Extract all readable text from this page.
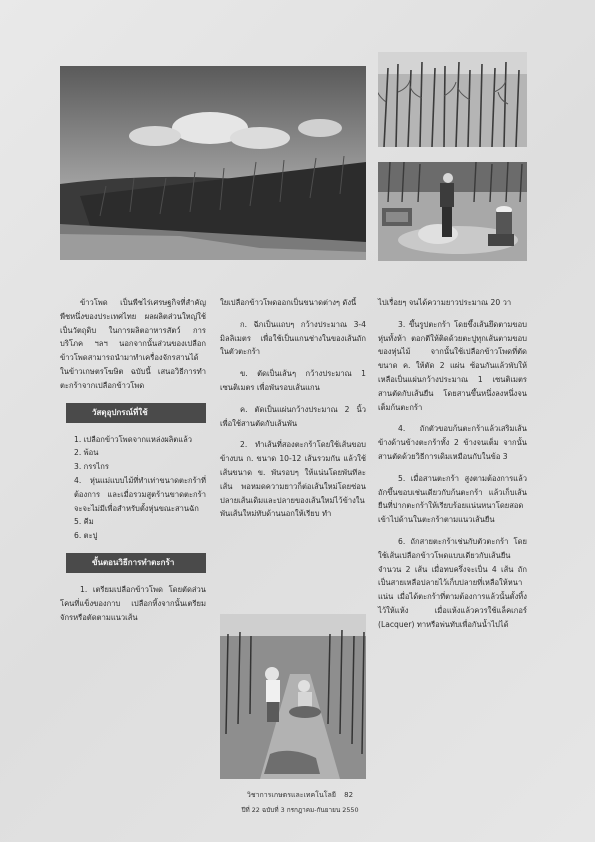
ข้าวโพด เป็นพืชไร่เศรษฐกิจที่สำคัญพืชหนึ่งของประเทศไทย ผลผลิตส่วนใหญ่ใช้เป็นวัตถุดิบ ในการผลิตอาหารสัตว์ การบริโภค ฯลฯ นอกจากนั้นส่วนของเปลือกข้าวโพดสามารถนำมาทำเครื่องจักรสานได้ ในข้าวเกษตรโฆษิต ฉบับนี้ เสนอวิธีการทำตะกร้าจากเปลือกข้าวโพด

วัสดุอุปกรณ์ที่ใช้

1. เปลือกข้าวโพดจากแหล่งผลิตแล้ว

2. พ้อน

3. กรรไกร

4. หุ่นแม่แบบไม้ที่ทำเท่าขนาดตะกร้าที่ต้องการ และเมื่อรวมสูตร้านขาดตะกร้าจะจะไม่มีเพื่อสำหรับตั้งหุ่นขณะสานฉัก

5. คีม

6. ตะปู

ขั้นตอนวิธีการทำตะกร้า

1. เตรียมเปลือกข้าวโพด โดยตัดส่วนโคนที่แข็งของกาบ เปลือกทิ้งจากนั้นเตรียมจักรหรือตัดตามแนวเส้น

ใยเปลือกข้าวโพดออกเป็นขนาดต่างๆ ดังนี้

ก. ฉีกเป็นแถบๆ กว้างประมาณ 3-4 มิลลิเมตร เพื่อใช้เป็นแกนช่างในของเส้นถักในตัวตะกร้า

ข. ตัดเป็นเส้นๆ กว้างประมาณ 1 เซนติเมตร เพื่อพันรอบเส้นแกน

ค. ตัดเป็นแผ่นกว้างประมาณ 2 นิ้ว เพื่อใช้สานตัดกับเส้นพัน

2. ทำเส้นที่สองตะกร้าโดยใช้เส้นขอบข้างบน ก. ขนาด 10-12 เส้นรวมกัน แล้วใช้เส้นขนาด ข. พันรอบๆ ให้แน่นโดยพันทีละเส้น พอหมดความยาวก็ต่อเส้นใหม่โดยซ่อนปลายเส้นเดิมและปลายของเส้นใหม่ไว้ข้างในพันเส้นใหม่ทับด้านนอกให้เรียบ ทำ

ไปเรื่อยๆ จนได้ความยาวประมาณ 20 วา

3. ขึ้นรูปตะกร้า โดยขึ้งเส้นยึดตามขอบหุ่นทั้งห้า ตอกตีให้ติดด้วยตะปูทุกเส้นตามขอบของหุ่นไม้ จากนั้นใช้เปลือกข้าวโพดที่ตัดขนาด ค. ให้ตัด 2 แผ่น ซ้อนกันแล้วพับให้เหลือเป็นแผ่นกว้างประมาณ 1 เซนติเมตร สานตัดกับเส้นยืน โดยสานขึ้นหนึ่งลงหนึ่งจนเต็มก้นตะกร้า

4. ถักตัวขอบก้นตะกร้าแล้วเสริมเส้นข้างด้านข้างตะกร้าทั้ง 2 ข้างจนเต็ม จากนั้นสานตัดด้วยวิธีการเดิมเหมือนกับในข้อ 3

5. เมื่อสานตะกร้า สูงตามต้องการแล้ว ถักขึ้นขอบเช่นเดียวกับก้นตะกร้า แล้วเก็บเส้นยืนที่ปากตะกร้าให้เรียบร้อยแน่นหนาโดยสอดเข้าไปด้านในตะกร้าตามแนวเส้นยืน

6. ถักสายตะกร้าเช่นกับตัวตะกร้า โดยใช้เส้นเปลือกข้าวโพดแบบเดียวกับเส้นยืน จำนวน 2 เส้น เมื่อทบครึ่งจะเป็น 4 เส้น ถักเป็นสายเหลือปลายไว้เก็บปลายที่เหลือให้หนาแน่น เมื่อได้ตะกร้าที่ตามต้องการแล้วนั้นตั้งทิ้งไว้ให้แห้ง เมื่อแห้งแล้วควรใช้แล็คเกอร์ (Lacquer) ทาหรือพ่นทับเพื่อกันน้ำไปได้

วิชาการเกษตรและเทคโนโลยี 82
ปีที่ 22 ฉบับที่ 3 กรกฎาคม-กันยายน 2550
